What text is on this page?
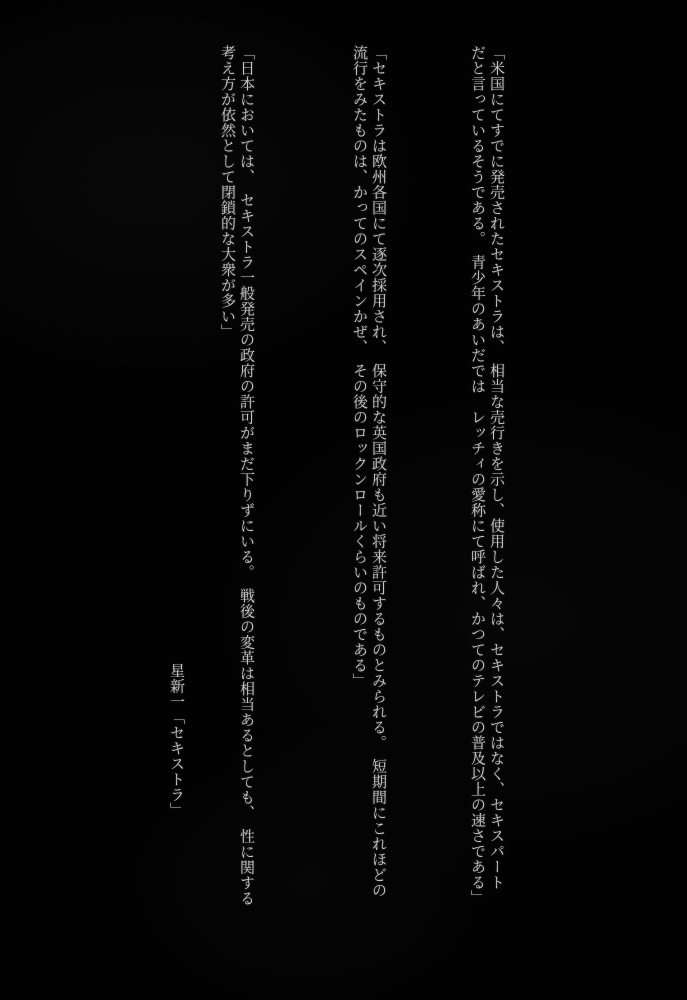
「米国にてすでに発売されたセキストラは、　相当な売行きを示し、使用した人々は、セキストラではなく、セキスパート
だと言っているそうである。　青少年のあいだでは　レッチィの愛称にて呼ばれ、かつてのテレビの普及以上の速さである」
「セキストラは欧州各国にて逐次採用され、　保守的な英国政府も近い将来許可するものとみられる。　短期間にこれほどの
流行をみたものは、かってのスペインかぜ、　その後のロックンロールくらいのものである」
「日本においては、　セキストラ一般発売の政府の許可がまだ下りずにいる。　戦後の変革は相当あるとしても、　性に関する
考え方が依然として閉鎖的な大衆が多い」
星新一「セキストラ」
